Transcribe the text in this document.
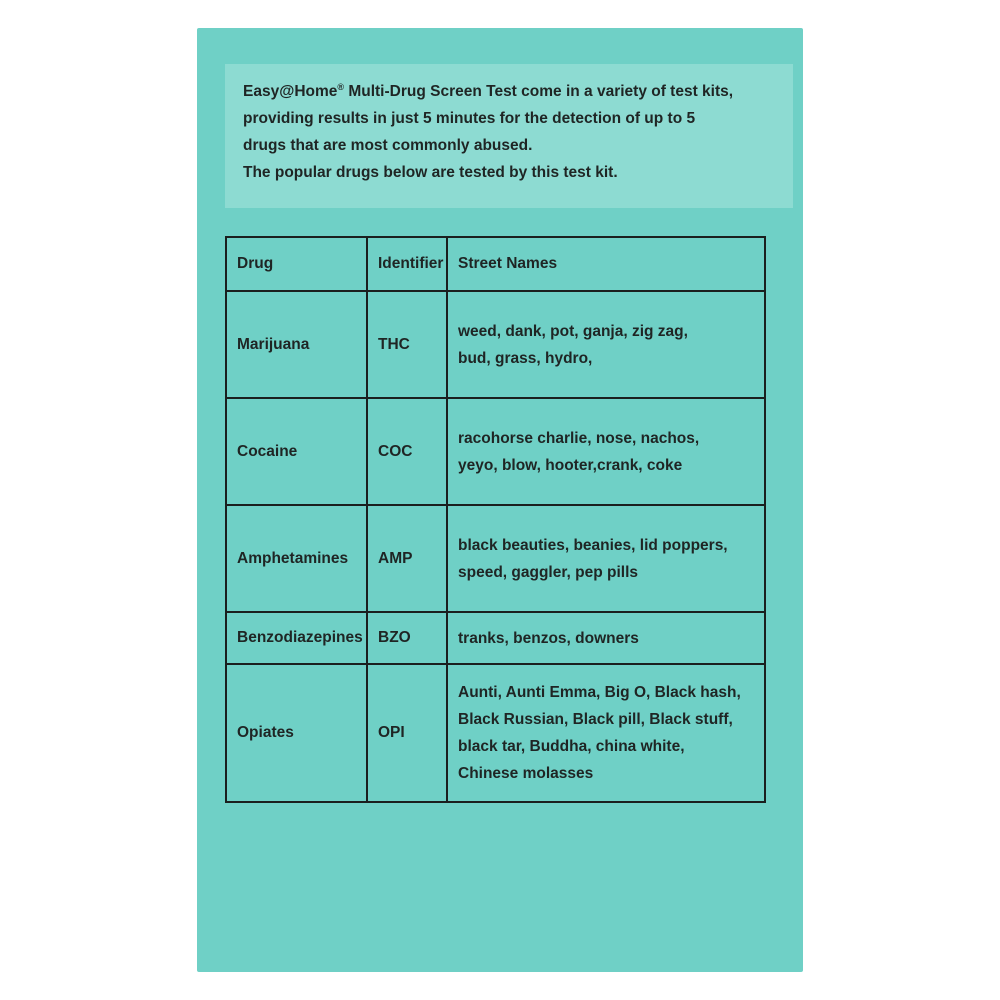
Easy@Home® Multi-Drug Screen Test come in a variety of test kits,

providing results in just 5 minutes for the detection of up to 5

drugs that are most commonly abused.

The popular drugs below are tested by this test kit.

Drug	Identifier	Street Names
Marijuana	THC	weed, dank, pot, ganja, zig zag,
bud, grass, hydro,

Cocaine	COC	racohorse charlie, nose, nachos,
yeyo, blow, hooter,crank, coke

Amphetamines	AMP	black beauties, beanies, lid poppers,
speed, gaggler, pep pills

Benzodiazepines	BZO	tranks, benzos, downers

Opiates	OPI	Aunti, Aunti Emma, Big O, Black hash,
Black Russian, Black pill, Black stuff,
black tar, Buddha, china white,
Chinese molasses
